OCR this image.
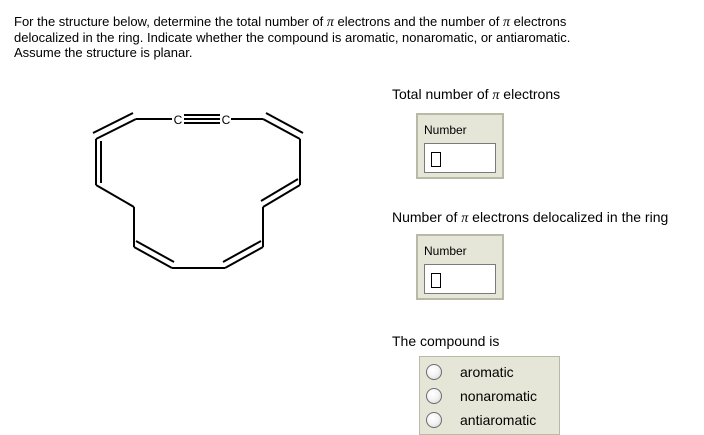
For the structure below, determine the total number of π electrons and the number of π electrons

delocalized in the ring. Indicate whether the compound is aromatic, nonaromatic, or antiaromatic.

Assume the structure is planar.

C	C
Total number of π electrons
Number
Number of π electrons delocalized in the ring
Number
The compound is
aromatic
nonaromatic
antiaromatic
